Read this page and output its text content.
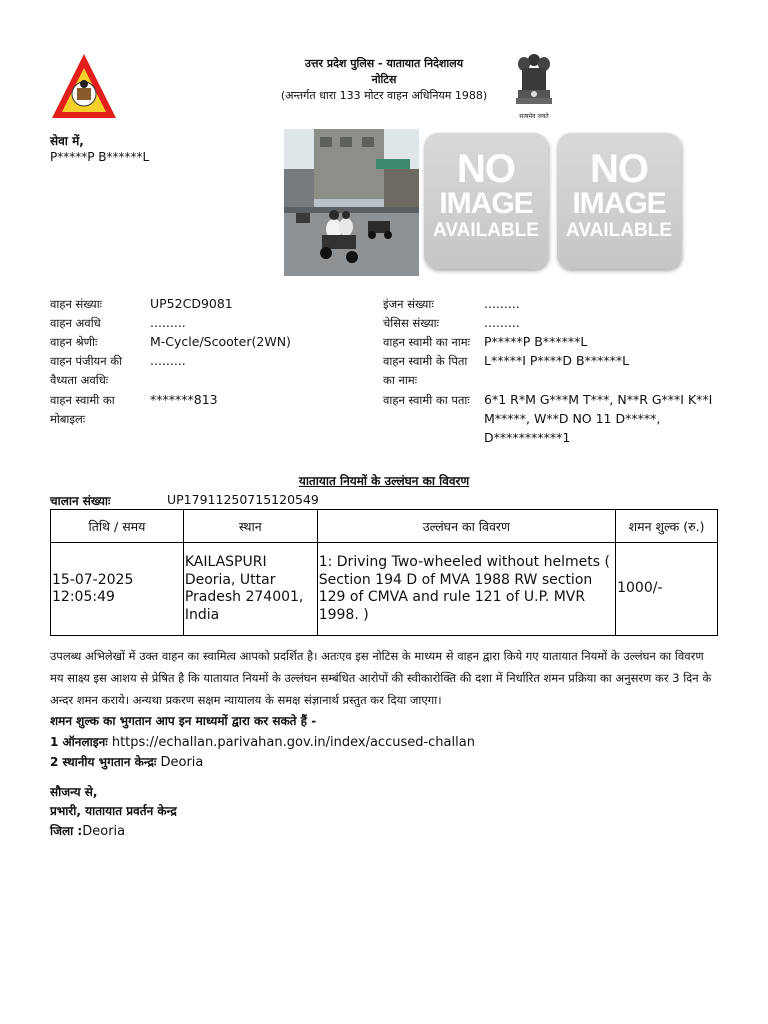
उत्तर प्रदेश पुलिस - यातायात निदेशालय
नोटिस
(अन्तर्गत धारा 133 मोटर वाहन अधिनियम 1988)
सत्यमेव जयते
सेवा में,
P*****P B******L	NO
IMAGE
AVAILABLE
NO
IMAGE
AVAILABLE
वाहन संख्याः	UP52CD9081
वाहन अवधि	.........
वाहन श्रेणीः	M-Cycle/Scooter(2WN)
वाहन पंजीयन की
वैध्यता अवधिः
.........
वाहन स्वामी का
मोबाइलः
*******813
इंजन संख्याः	.........
चेसिस संख्याः	.........
वाहन स्वामी का नामः P*****P B******L
वाहन स्वामी के पिता
का नामः
L*****I P****D B******L
वाहन स्वामी का पताः 6*1 R*M G***M T***, N**R G***I K**I
M*****, W**D NO 11 D*****,
D***********1
यातायात नियमों के उल्लंघन का विवरण
चालान संख्याः	UP17911250715120549
तिथि / समय	स्थान	उल्लंघन का विवरण	शमन शुल्क (रु.)

15-07-2025
12:05:49	KAILASPURI Deoria, Uttar Pradesh 274001, India	1: Driving Two-wheeled without helmets ( Section 194 D of MVA 1988 RW section 129 of CMVA and rule 121 of U.P. MVR 1998. )	1000/-
उपलब्ध अभिलेखों में उक्त वाहन का स्वामित्व आपको प्रदर्शित है। अतःएव इस नोटिस के माध्यम से वाहन द्वारा किये गए यातायात नियमों के उल्लंघन का विवरण मय साक्ष्य इस आशय से प्रेषित है कि यातायात नियमों के उल्लंघन सम्बंधित आरोपों की स्वीकारोक्ति की दशा में निर्धारित शमन प्रक्रिया का अनुसरण कर 3 दिन के अन्दर शमन कराये। अन्यथा प्रकरण सक्षम न्यायालय के समक्ष संज्ञानार्थ प्रस्तुत कर दिया जाएगा।
शमन शुल्क का भुगतान आप इन माध्यमों द्वारा कर सकते हैं -
1 ऑनलाइनः https://echallan.parivahan.gov.in/index/accused-challan
2 स्थानीय भुगतान केन्द्रः Deoria
सौजन्य से,
प्रभारी, यातायात प्रवर्तन केन्द्र
जिला :Deoria
